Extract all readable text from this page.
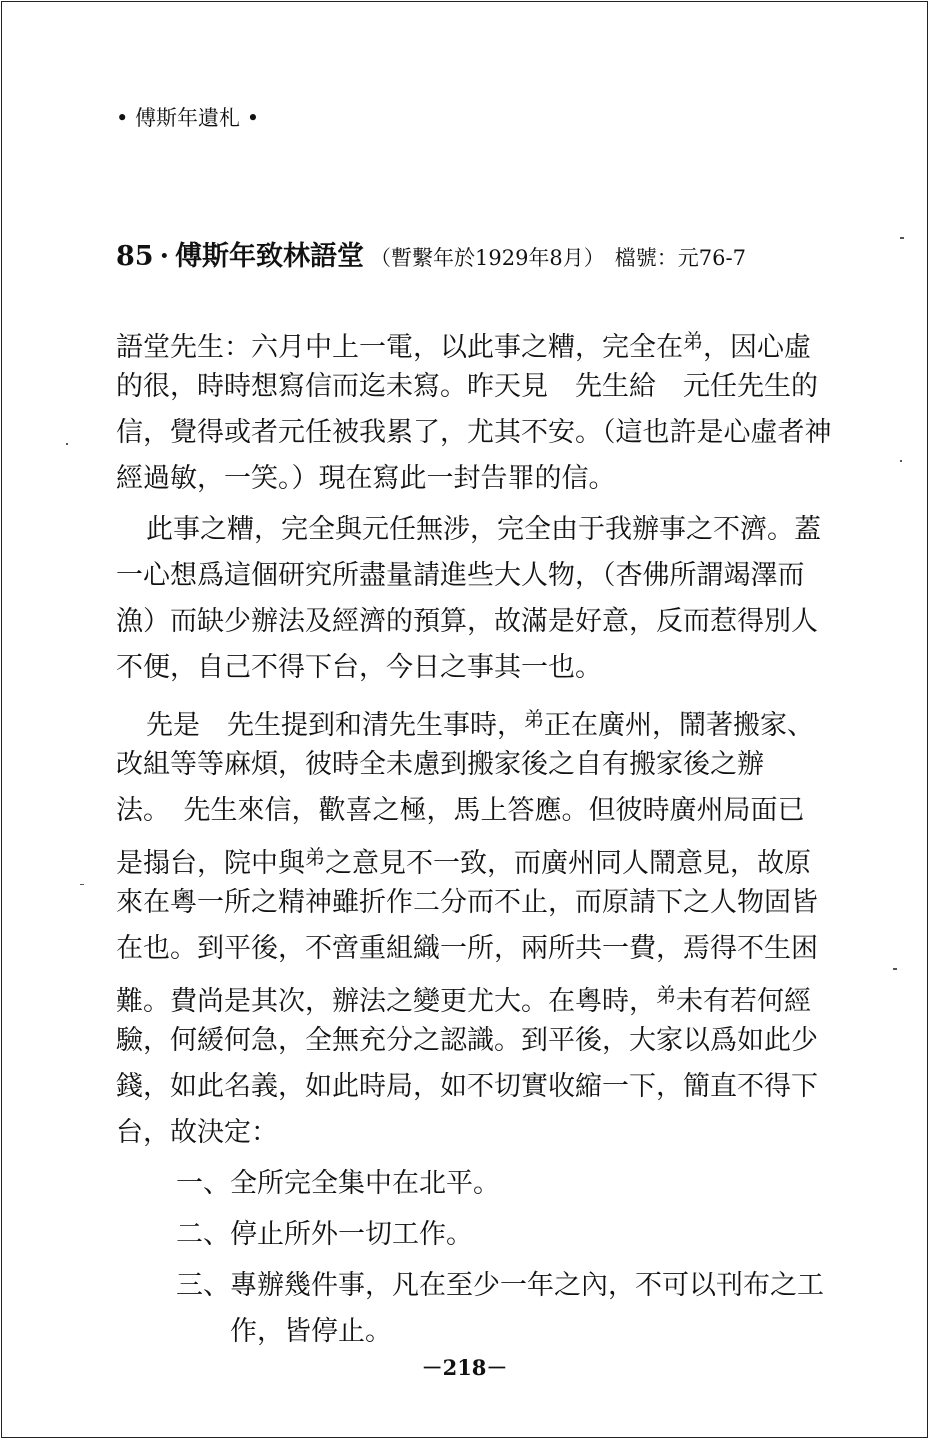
• 傅斯年遺札 •
85 · 傅斯年致林語堂 （暫繫年於1929年8月） 檔號：元76-7
語堂先生：六月中上一電，以此事之糟，完全在$^弟$，因心虛
的很，時時想寫信而迄未寫。昨天見　先生給　元任先生的
信，覺得或者元任被我累了，尤其不安。（這也許是心虛者神
經過敏，一笑。）現在寫此一封告罪的信。
此事之糟，完全與元任無涉，完全由于我辦事之不濟。蓋
一心想爲這個研究所盡量請進些大人物，（杏佛所謂竭澤而
漁）而缺少辦法及經濟的預算，故滿是好意，反而惹得別人
不便，自己不得下台，今日之事其一也。
先是　先生提到和清先生事時，$^弟$正在廣州，鬧著搬家、
改組等等麻煩，彼時全未慮到搬家後之自有搬家後之辦
法。　先生來信，歡喜之極，馬上答應。但彼時廣州局面已
是搨台，院中與$^弟$之意見不一致，而廣州同人鬧意見，故原
來在粵一所之精神雖折作二分而不止，而原請下之人物固皆
在也。到平後，不啻重組織一所，兩所共一費，焉得不生困
難。費尚是其次，辦法之變更尤大。在粵時，$^弟$未有若何經
驗，何緩何急，全無充分之認識。到平後，大家以爲如此少
錢，如此名義，如此時局，如不切實收縮一下，簡直不得下
台，故決定：
一、全所完全集中在北平。
二、停止所外一切工作。
三、專辦幾件事，凡在至少一年之內，不可以刊布之工
作，皆停止。
－218－
